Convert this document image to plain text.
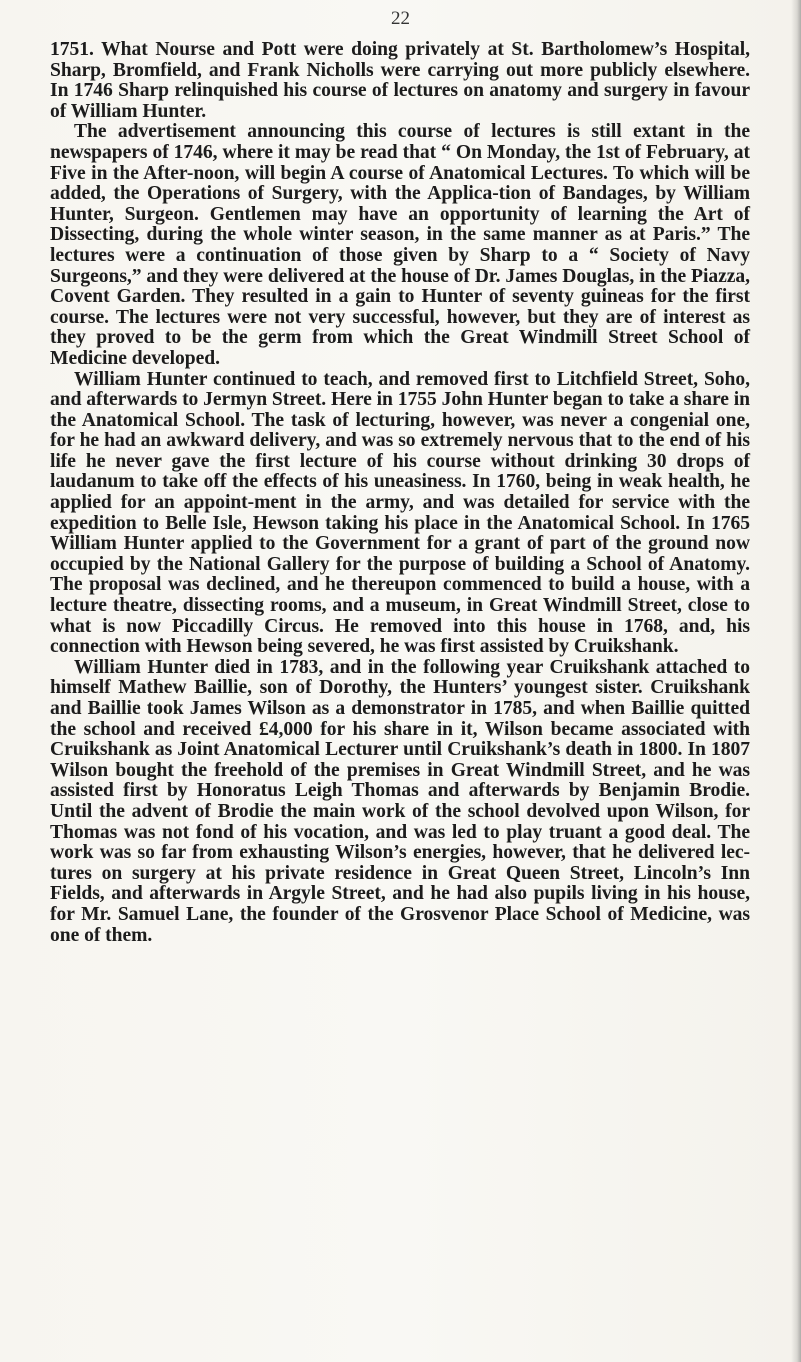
22

1751. What Nourse and Pott were doing privately at St. Bartholomew’s Hospital, Sharp, Bromfield, and Frank Nicholls were carrying out more publicly elsewhere. In 1746 Sharp relinquished his course of lectures on anatomy and surgery in favour of William Hunter.

The advertisement announcing this course of lectures is still extant in the newspapers of 1746, where it may be read that “ On Monday, the 1st of February, at Five in the After-noon, will begin A course of Anatomical Lectures. To which will be added, the Operations of Surgery, with the Applica-tion of Bandages, by William Hunter, Surgeon. Gentlemen may have an opportunity of learning the Art of Dissecting, during the whole winter season, in the same manner as at Paris.” The lectures were a continuation of those given by Sharp to a “ Society of Navy Surgeons,” and they were delivered at the house of Dr. James Douglas, in the Piazza, Covent Garden. They resulted in a gain to Hunter of seventy guineas for the first course. The lectures were not very successful, however, but they are of interest as they proved to be the germ from which the Great Windmill Street School of Medicine developed.

William Hunter continued to teach, and removed first to Litchfield Street, Soho, and afterwards to Jermyn Street. Here in 1755 John Hunter began to take a share in the Anatomical School. The task of lecturing, however, was never a congenial one, for he had an awkward delivery, and was so extremely nervous that to the end of his life he never gave the first lecture of his course without drinking 30 drops of laudanum to take off the effects of his uneasiness. In 1760, being in weak health, he applied for an appoint-ment in the army, and was detailed for service with the expedition to Belle Isle, Hewson taking his place in the Anatomical School. In 1765 William Hunter applied to the Government for a grant of part of the ground now occupied by the National Gallery for the purpose of building a School of Anatomy. The proposal was declined, and he thereupon commenced to build a house, with a lecture theatre, dissecting rooms, and a museum, in Great Windmill Street, close to what is now Piccadilly Circus. He removed into this house in 1768, and, his connection with Hewson being severed, he was first assisted by Cruikshank.

William Hunter died in 1783, and in the following year Cruikshank attached to himself Mathew Baillie, son of Dorothy, the Hunters’ youngest sister. Cruikshank and Baillie took James Wilson as a demonstrator in 1785, and when Baillie quitted the school and received £4,000 for his share in it, Wilson became associated with Cruikshank as Joint Anatomical Lecturer until Cruikshank’s death in 1800. In 1807 Wilson bought the freehold of the premises in Great Windmill Street, and he was assisted first by Honoratus Leigh Thomas and afterwards by Benjamin Brodie. Until the advent of Brodie the main work of the school devolved upon Wilson, for Thomas was not fond of his vocation, and was led to play truant a good deal. The work was so far from exhausting Wilson’s energies, however, that he delivered lec-tures on surgery at his private residence in Great Queen Street, Lincoln’s Inn Fields, and afterwards in Argyle Street, and he had also pupils living in his house, for Mr. Samuel Lane, the founder of the Grosvenor Place School of Medicine, was one of them.
